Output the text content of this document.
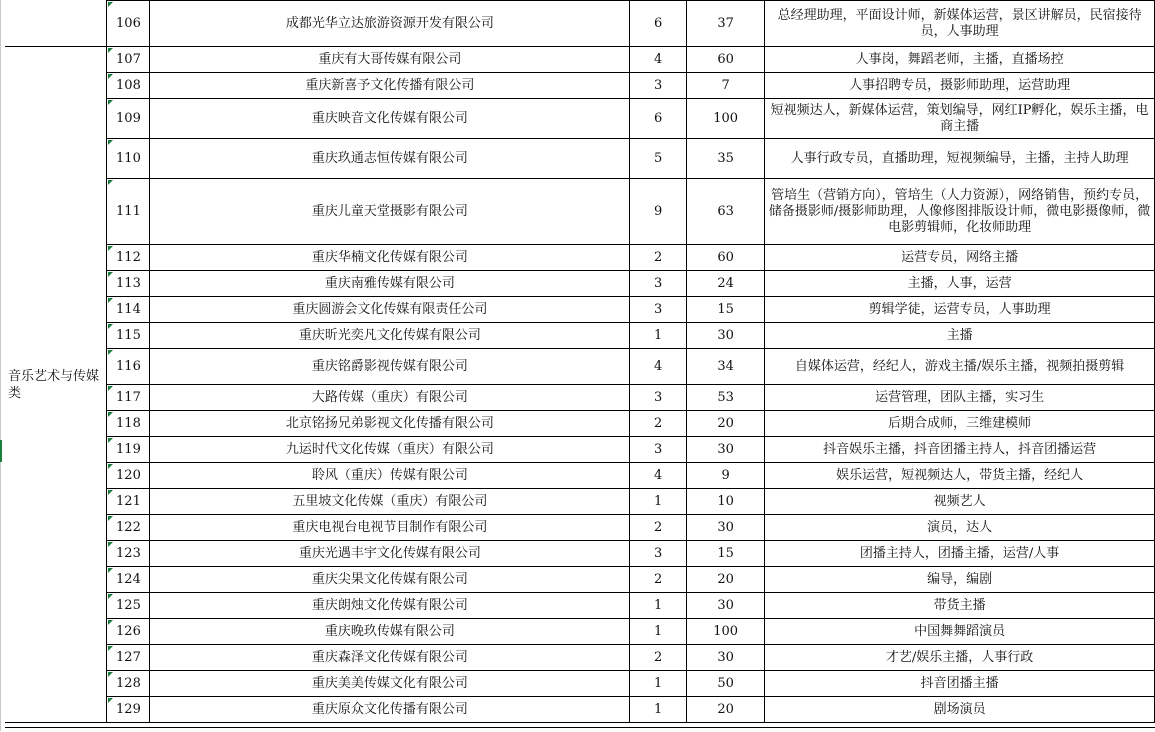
	106	成都光华立达旅游资源开发有限公司	6	37	总经理助理，平面设计师，新媒体运营，景区讲解员，民宿接待员，人事助理
音乐艺术与传媒类	107	重庆有大哥传媒有限公司	4	60	人事岗，舞蹈老师，主播，直播场控
	108	重庆新喜予文化传播有限公司	3	7	人事招聘专员，摄影师助理，运营助理
	109	重庆映音文化传媒有限公司	6	100	短视频达人，新媒体运营，策划编导，网红IP孵化，娱乐主播，电商主播
	110	重庆玖通志恒传媒有限公司	5	35	人事行政专员，直播助理，短视频编导，主播，主持人助理
	111	重庆儿童天堂摄影有限公司	9	63	管培生（营销方向），管培生（人力资源），网络销售，预约专员，储备摄影师/摄影师助理，人像修图排版设计师，微电影摄像师，微电影剪辑师，化妆师助理
	112	重庆华楠文化传媒有限公司	2	60	运营专员，网络主播
	113	重庆南雅传媒有限公司	3	24	主播，人事，运营
	114	重庆圆游会文化传媒有限责任公司	3	15	剪辑学徒，运营专员，人事助理
	115	重庆昕光奕凡文化传媒有限公司	1	30	主播
	116	重庆铭爵影视传媒有限公司	4	34	自媒体运营，经纪人，游戏主播/娱乐主播，视频拍摄剪辑
	117	大路传媒（重庆）有限公司	3	53	运营管理，团队主播，实习生
	118	北京铭扬兄弟影视文化传播有限公司	2	20	后期合成师，三维建模师
	119	九运时代文化传媒（重庆）有限公司	3	30	抖音娱乐主播，抖音团播主持人，抖音团播运营
	120	聆风（重庆）传媒有限公司	4	9	娱乐运营，短视频达人，带货主播，经纪人
	121	五里坡文化传媒（重庆）有限公司	1	10	视频艺人
	122	重庆电视台电视节目制作有限公司	2	30	演员，达人
	123	重庆光遇丰宇文化传媒有限公司	3	15	团播主持人，团播主播，运营/人事
	124	重庆尖果文化传媒有限公司	2	20	编导，编剧
	125	重庆朗烛文化传媒有限公司	1	30	带货主播
	126	重庆晚玖传媒有限公司	1	100	中国舞舞蹈演员
	127	重庆森泽文化传媒有限公司	2	30	才艺/娱乐主播，人事行政
	128	重庆美美传媒文化有限公司	1	50	抖音团播主播
	129	重庆原众文化传播有限公司	1	20	剧场演员
